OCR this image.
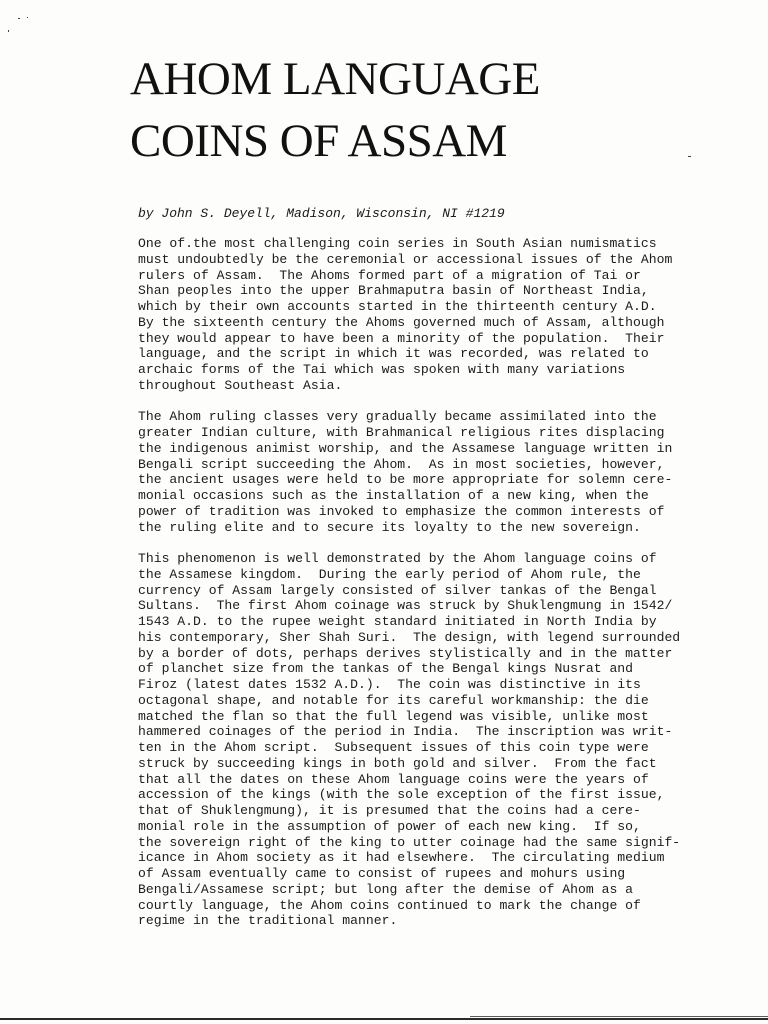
AHOM LANGUAGE
COINS OF ASSAM

by John S. Deyell, Madison, Wisconsin, NI #1219

One of.the most challenging coin series in South Asian numismatics
must undoubtedly be the ceremonial or accessional issues of the Ahom
rulers of Assam.  The Ahoms formed part of a migration of Tai or
Shan peoples into the upper Brahmaputra basin of Northeast India,
which by their own accounts started in the thirteenth century A.D.
By the sixteenth century the Ahoms governed much of Assam, although
they would appear to have been a minority of the population.  Their
language, and the script in which it was recorded, was related to
archaic forms of the Tai which was spoken with many variations
throughout Southeast Asia.

The Ahom ruling classes very gradually became assimilated into the
greater Indian culture, with Brahmanical religious rites displacing
the indigenous animist worship, and the Assamese language written in
Bengali script succeeding the Ahom.  As in most societies, however,
the ancient usages were held to be more appropriate for solemn cere-
monial occasions such as the installation of a new king, when the
power of tradition was invoked to emphasize the common interests of
the ruling elite and to secure its loyalty to the new sovereign.

This phenomenon is well demonstrated by the Ahom language coins of
the Assamese kingdom.  During the early period of Ahom rule, the
currency of Assam largely consisted of silver tankas of the Bengal
Sultans.  The first Ahom coinage was struck by Shuklengmung in 1542/
1543 A.D. to the rupee weight standard initiated in North India by
his contemporary, Sher Shah Suri.  The design, with legend surrounded
by a border of dots, perhaps derives stylistically and in the matter
of planchet size from the tankas of the Bengal kings Nusrat and
Firoz (latest dates 1532 A.D.).  The coin was distinctive in its
octagonal shape, and notable for its careful workmanship: the die
matched the flan so that the full legend was visible, unlike most
hammered coinages of the period in India.  The inscription was writ-
ten in the Ahom script.  Subsequent issues of this coin type were
struck by succeeding kings in both gold and silver.  From the fact
that all the dates on these Ahom language coins were the years of
accession of the kings (with the sole exception of the first issue,
that of Shuklengmung), it is presumed that the coins had a cere-
monial role in the assumption of power of each new king.  If so,
the sovereign right of the king to utter coinage had the same signif-
icance in Ahom society as it had elsewhere.  The circulating medium
of Assam eventually came to consist of rupees and mohurs using
Bengali/Assamese script; but long after the demise of Ahom as a
courtly language, the Ahom coins continued to mark the change of
regime in the traditional manner.
